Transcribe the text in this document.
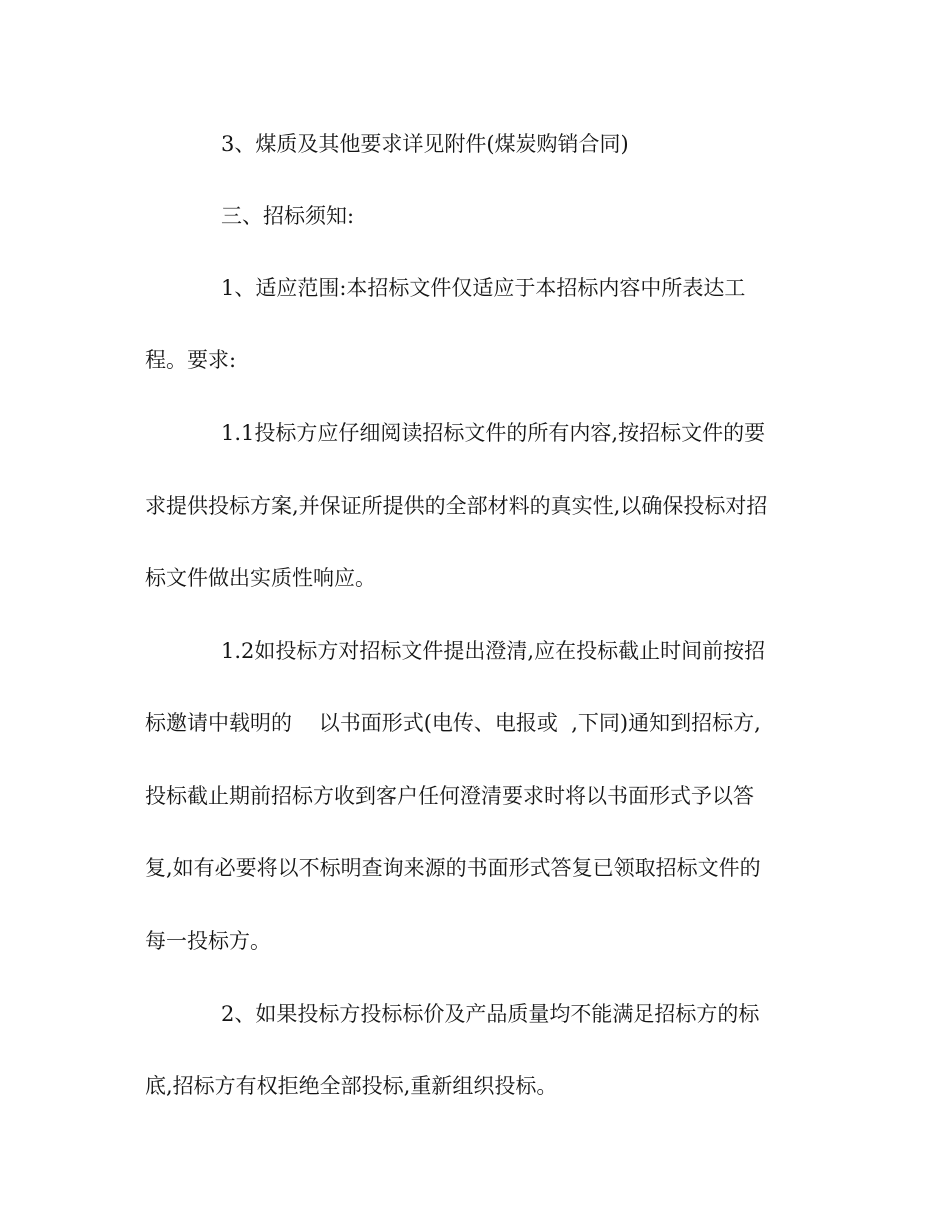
3、煤质及其他要求详见附件(煤炭购销合同)
三、招标须知:
1、适应范围:本招标文件仅适应于本招标内容中所表达工
程。要求:
1.1投标方应仔细阅读招标文件的所有内容,按招标文件的要
求提供投标方案,并保证所提供的全部材料的真实性,以确保投标对招
标文件做出实质性响应。
1.2如投标方对招标文件提出澄清,应在投标截止时间前按招
标邀请中载明的    以书面形式(电传、电报或  ,下同)通知到招标方,
投标截止期前招标方收到客户任何澄清要求时将以书面形式予以答
复,如有必要将以不标明查询来源的书面形式答复已领取招标文件的
每一投标方。
2、如果投标方投标标价及产品质量均不能满足招标方的标
底,招标方有权拒绝全部投标,重新组织投标。
